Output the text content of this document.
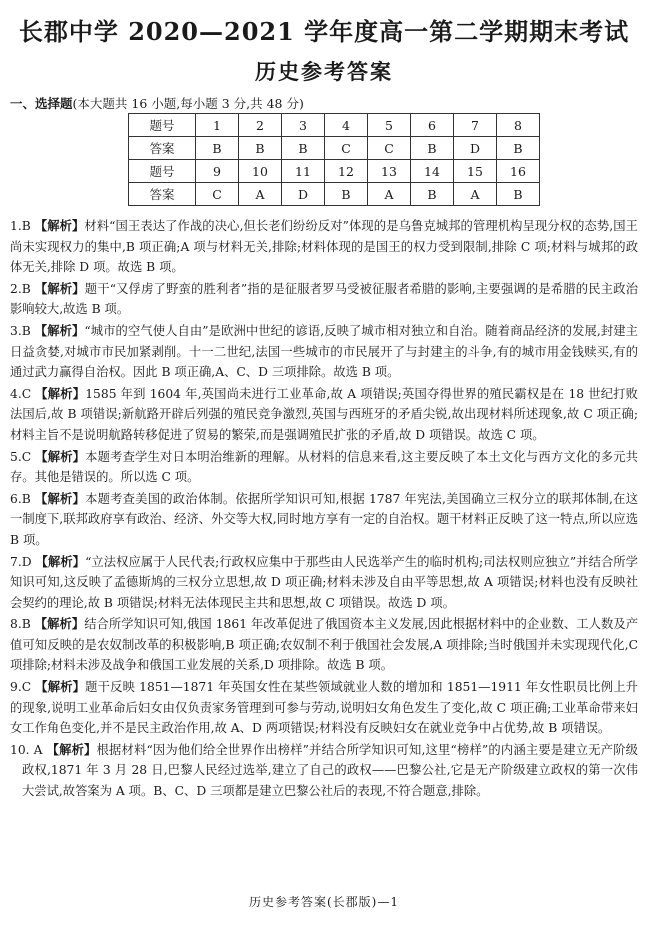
长郡中学 2020—2021 学年度高一第二学期期末考试
历史参考答案
一、选择题(本大题共 16 小题,每小题 3 分,共 48 分)
题号	1	2	3	4	5	6	7	8
答案	B	B	B	C	C	B	D	B
题号	9	10	11	12	13	14	15	16
答案	C	A	D	B	A	B	A	B
1.B 【解析】材料“国王表达了作战的决心,但长老们纷纷反对”体现的是乌鲁克城邦的管理机构呈现分权的态势,国王尚未实现权力的集中,B 项正确;A 项与材料无关,排除;材料体现的是国王的权力受到限制,排除 C 项;材料与城邦的政体无关,排除 D 项。故选 B 项。
2.B 【解析】题干“又俘虏了野蛮的胜利者”指的是征服者罗马受被征服者希腊的影响,主要强调的是希腊的民主政治影响较大,故选 B 项。
3.B 【解析】“城市的空气使人自由”是欧洲中世纪的谚语,反映了城市相对独立和自治。随着商品经济的发展,封建主日益贪婪,对城市市民加紧剥削。十一二世纪,法国一些城市的市民展开了与封建主的斗争,有的城市用金钱赎买,有的通过武力赢得自治权。因此 B 项正确,A、C、D 三项排除。故选 B 项。
4.C 【解析】1585 年到 1604 年,英国尚未进行工业革命,故 A 项错误;英国夺得世界的殖民霸权是在 18 世纪打败法国后,故 B 项错误;新航路开辟后列强的殖民竞争激烈,英国与西班牙的矛盾尖锐,故出现材料所述现象,故 C 项正确;材料主旨不是说明航路转移促进了贸易的繁荣,而是强调殖民扩张的矛盾,故 D 项错误。故选 C 项。
5.C 【解析】本题考查学生对日本明治维新的理解。从材料的信息来看,这主要反映了本土文化与西方文化的多元共存。其他是错误的。所以选 C 项。
6.B 【解析】本题考查美国的政治体制。依据所学知识可知,根据 1787 年宪法,美国确立三权分立的联邦体制,在这一制度下,联邦政府享有政治、经济、外交等大权,同时地方享有一定的自治权。题干材料正反映了这一特点,所以应选 B 项。
7.D 【解析】“立法权应属于人民代表;行政权应集中于那些由人民选举产生的临时机构;司法权则应独立”并结合所学知识可知,这反映了孟德斯鸠的三权分立思想,故 D 项正确;材料未涉及自由平等思想,故 A 项错误;材料也没有反映社会契约的理论,故 B 项错误;材料无法体现民主共和思想,故 C 项错误。故选 D 项。
8.B 【解析】结合所学知识可知,俄国 1861 年改革促进了俄国资本主义发展,因此根据材料中的企业数、工人数及产值可知反映的是农奴制改革的积极影响,B 项正确;农奴制不利于俄国社会发展,A 项排除;当时俄国并未实现现代化,C 项排除;材料未涉及战争和俄国工业发展的关系,D 项排除。故选 B 项。
9.C 【解析】题干反映 1851—1871 年英国女性在某些领域就业人数的增加和 1851—1911 年女性职员比例上升的现象,说明工业革命后妇女由仅负责家务管理到可参与劳动,说明妇女角色发生了变化,故 C 项正确;工业革命带来妇女工作角色变化,并不是民主政治作用,故 A、D 两项错误;材料没有反映妇女在就业竞争中占优势,故 B 项错误。
10. A 【解析】根据材料“因为他们给全世界作出榜样”并结合所学知识可知,这里“榜样”的内涵主要是建立无产阶级政权,1871 年 3 月 28 日,巴黎人民经过选举,建立了自己的政权——巴黎公社,它是无产阶级建立政权的第一次伟大尝试,故答案为 A 项。B、C、D 三项都是建立巴黎公社后的表现,不符合题意,排除。
历史参考答案(长郡版)—1
